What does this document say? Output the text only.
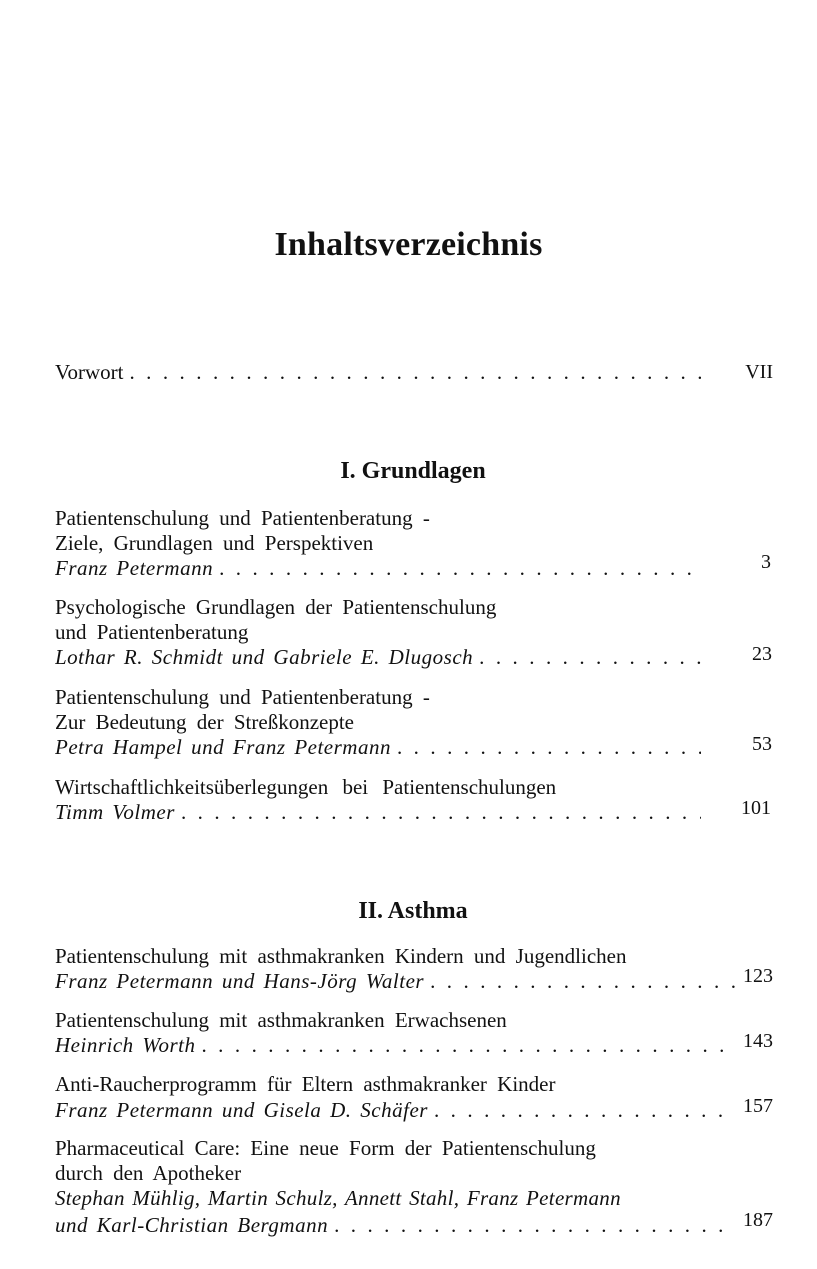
Inhaltsverzeichnis
Vorwort . . .	VII
I. Grundlagen
Patientenschulung und Patientenberatung -
Ziele, Grundlagen und Perspektiven
Franz Petermann . . .	3
Psychologische Grundlagen der Patientenschulung
und Patientenberatung
Lothar R. Schmidt und Gabriele E. Dlugosch . . .	23
Patientenschulung und Patientenberatung -
Zur Bedeutung der Streßkonzepte
Petra Hampel und Franz Petermann . . .	53
Wirtschaftlichkeitsüberlegungen bei Patientenschulungen
Timm Volmer . . .	101
II. Asthma
Patientenschulung mit asthmakranken Kindern und Jugendlichen
Franz Petermann und Hans-Jörg Walter . . .	123
Patientenschulung mit asthmakranken Erwachsenen
Heinrich Worth . . .	143
Anti-Raucherprogramm für Eltern asthmakranker Kinder
Franz Petermann und Gisela D. Schäfer . . .	157
Pharmaceutical Care: Eine neue Form der Patientenschulung
durch den Apotheker
Stephan Mühlig, Martin Schulz, Annett Stahl, Franz Petermann
und Karl-Christian Bergmann . . .	187
